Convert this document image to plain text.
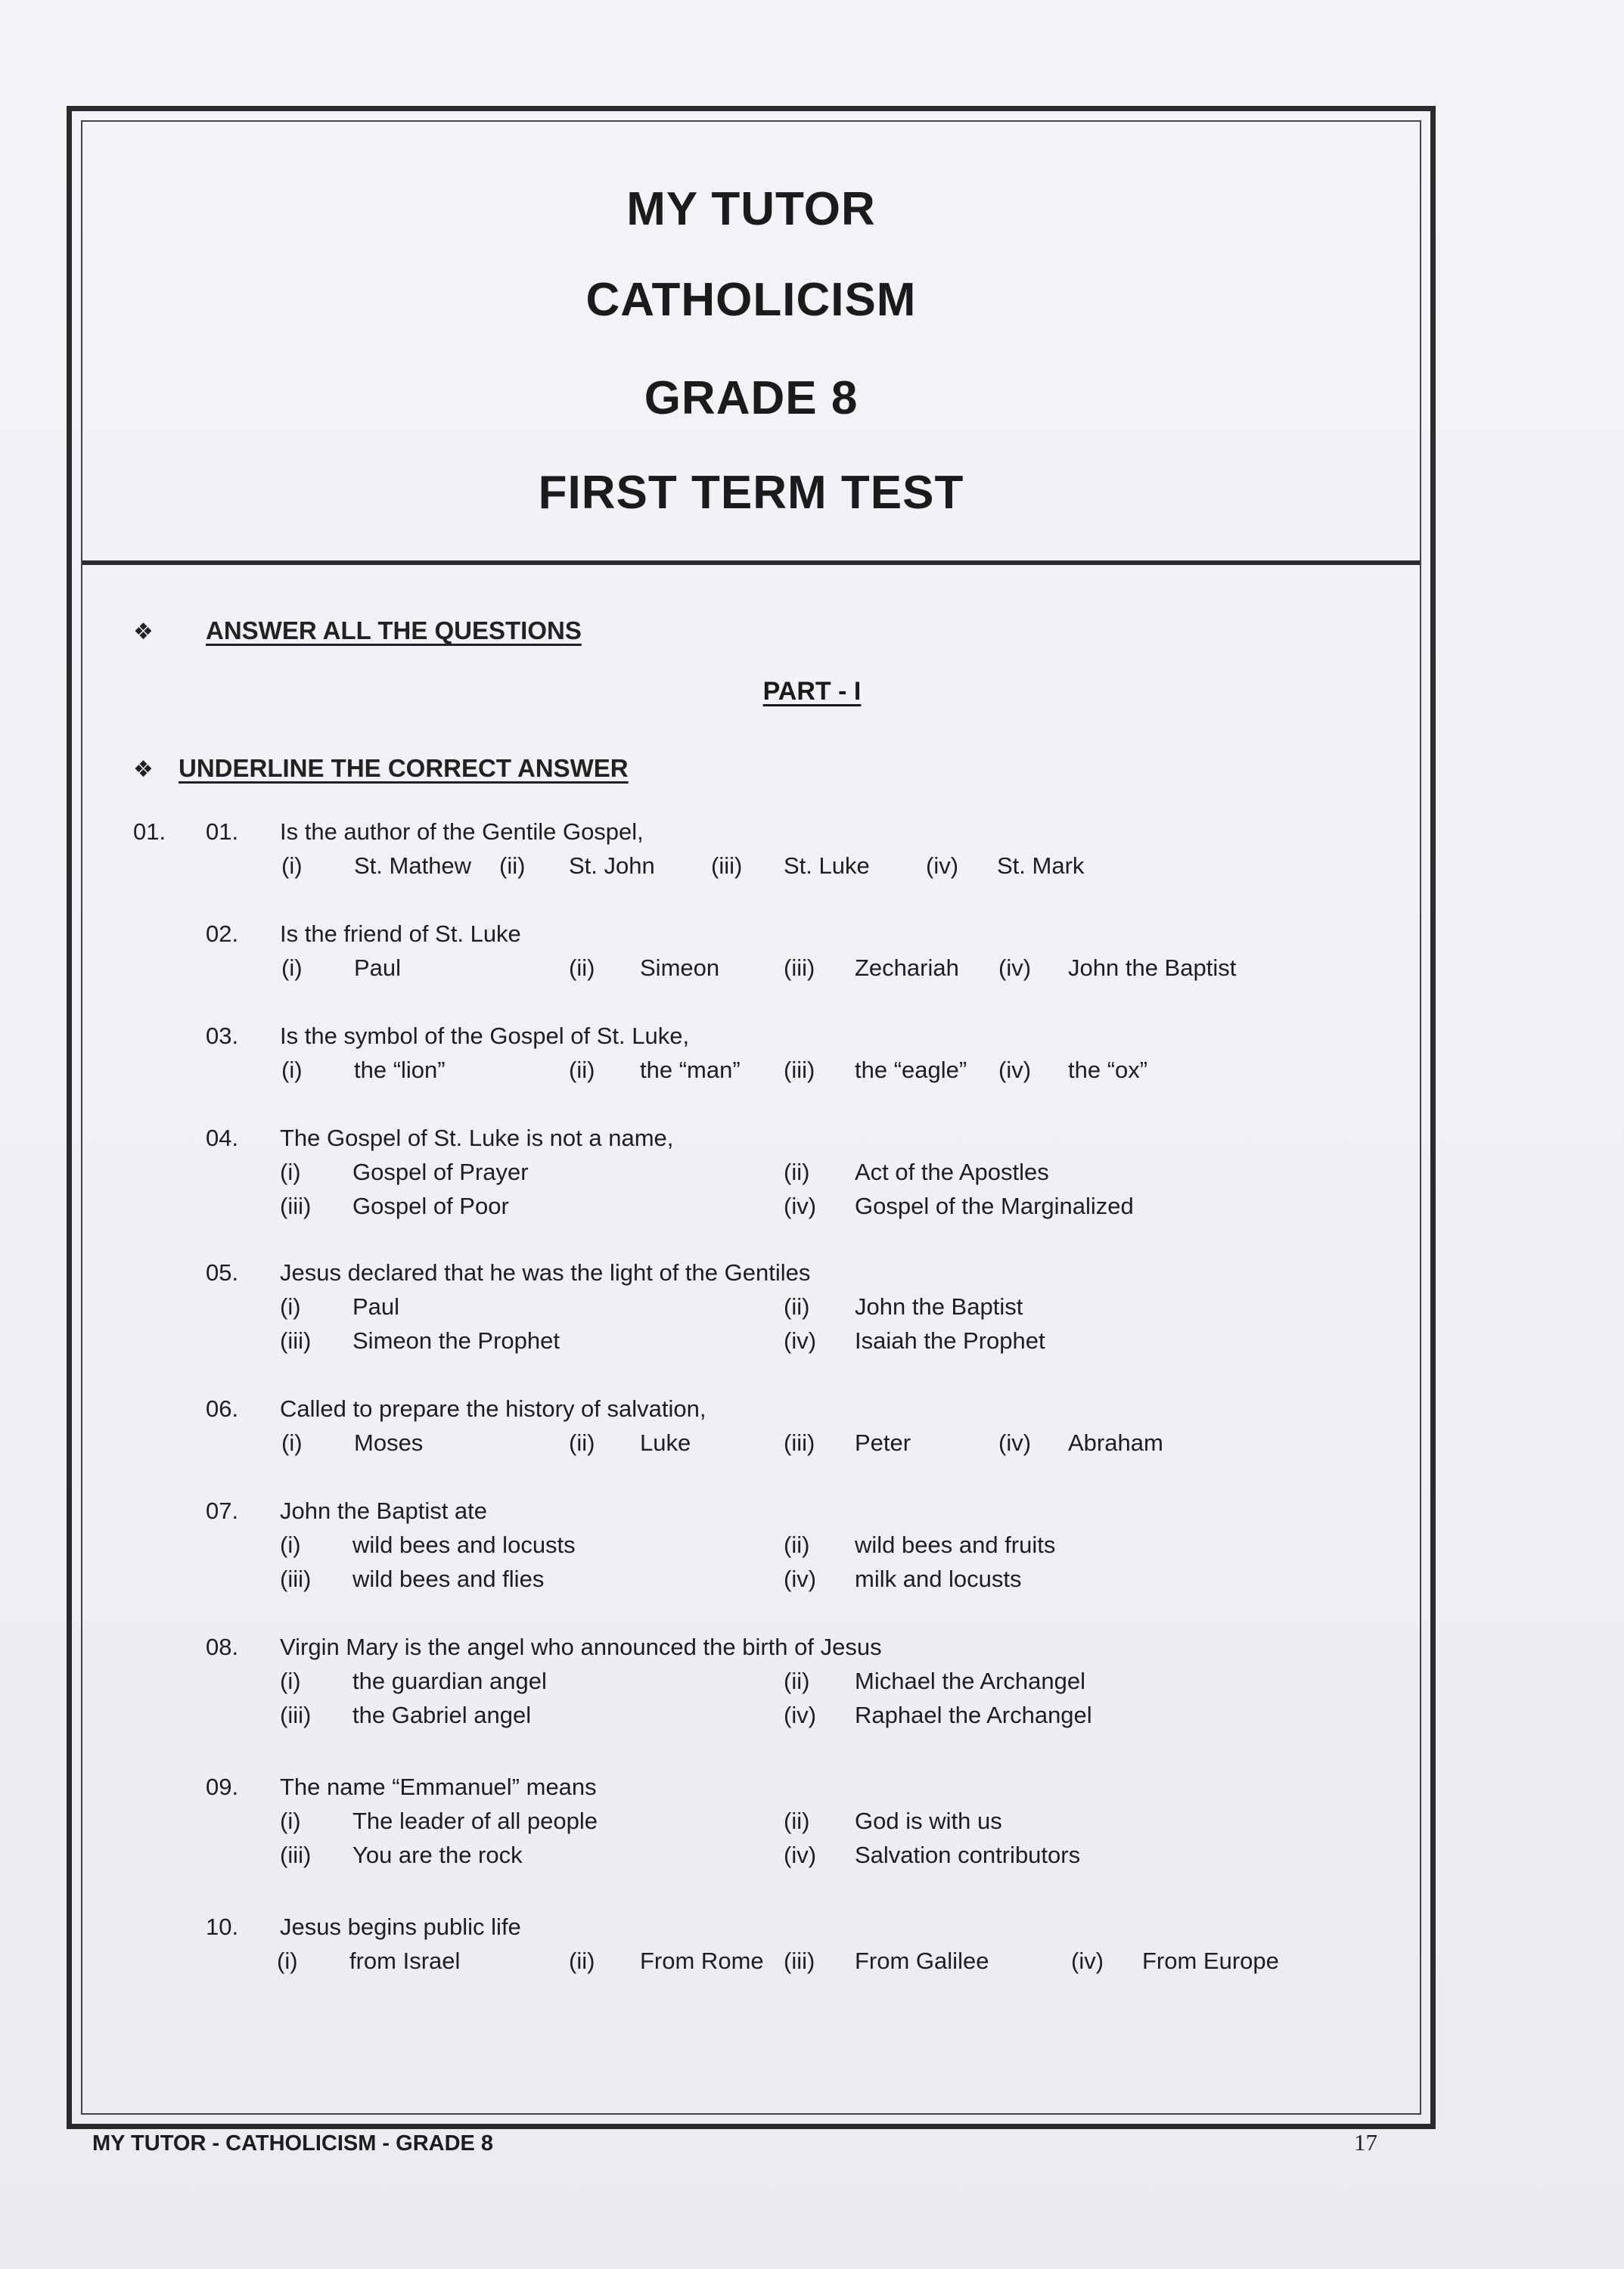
MY TUTOR
CATHOLICISM
GRADE 8
FIRST TERM TEST
❖ ANSWER ALL THE QUESTIONS
PART - I
❖ UNDERLINE THE CORRECT ANSWER
01. 01. Is the author of the Gentile Gospel,
(i) St. Mathew (ii) St. John (iii) St. Luke (iv) St. Mark
02. Is the friend of St. Luke
(i) Paul	(ii) Simeon	(iii) Zechariah (iv) John the Baptist
03. Is the symbol of the Gospel of St. Luke,
(i) the “lion”	(ii) the “man” (iii) the “eagle” (iv) the “ox”
04. The Gospel of St. Luke is not a name,
(i) Gospel of Prayer	(ii) Act of the Apostles
(iii) Gospel of Poor	(iv) Gospel of the Marginalized
05. Jesus declared that he was the light of the Gentiles
(i) Paul	(ii) John the Baptist
(iii) Simeon the Prophet	(iv) Isaiah the Prophet
06. Called to prepare the history of salvation,
(i) Moses	(ii) Luke	(iii) Peter	(iv) Abraham
07. John the Baptist ate
(i) wild bees and locusts	(ii) wild bees and fruits
(iii) wild bees and flies	(iv) milk and locusts
08. Virgin Mary is the angel who announced the birth of Jesus
(i) the guardian angel	(ii) Michael the Archangel
(iii) the Gabriel angel	(iv) Raphael the Archangel
09. The name “Emmanuel” means
(i) The leader of all people	(ii) God is with us
(iii) You are the rock	(iv) Salvation contributors
10. Jesus begins public life
(i) from Israel	(ii) From Rome (iii) From Galilee	(iv) From Europe
MY TUTOR - CATHOLICISM - GRADE 8	17
